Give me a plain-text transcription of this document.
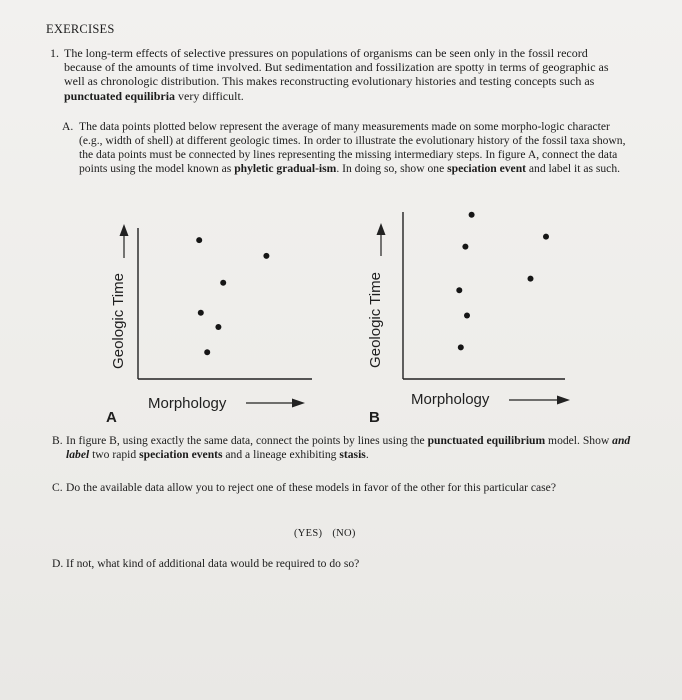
EXERCISES
1. The long-term effects of selective pressures on populations of organisms can be seen only in the fossil record because of the amounts of time involved. But sedimentation and fossilization are spotty in terms of geographic as well as chronologic distribution. This makes reconstructing evolutionary histories and testing concepts such as punctuated equilibria very difficult.
A. The data points plotted below represent the average of many measurements made on some morpho-logic character (e.g., width of shell) at different geologic times. In order to illustrate the evolutionary history of the fossil taxa shown, the data points must be connected by lines representing the missing intermediary steps. In figure A, connect the data points using the model known as phyletic gradual-ism. In doing so, show one speciation event and label it as such.
Geologic Time
Morphology
A
Geologic Time
Morphology
B
B. In figure B, using exactly the same data, connect the points by lines using the punctuated equilibrium model. Show and label two rapid speciation events and a lineage exhibiting stasis.
C. Do the available data allow you to reject one of these models in favor of the other for this particular case?
(YES) (NO)
D. If not, what kind of additional data would be required to do so?
